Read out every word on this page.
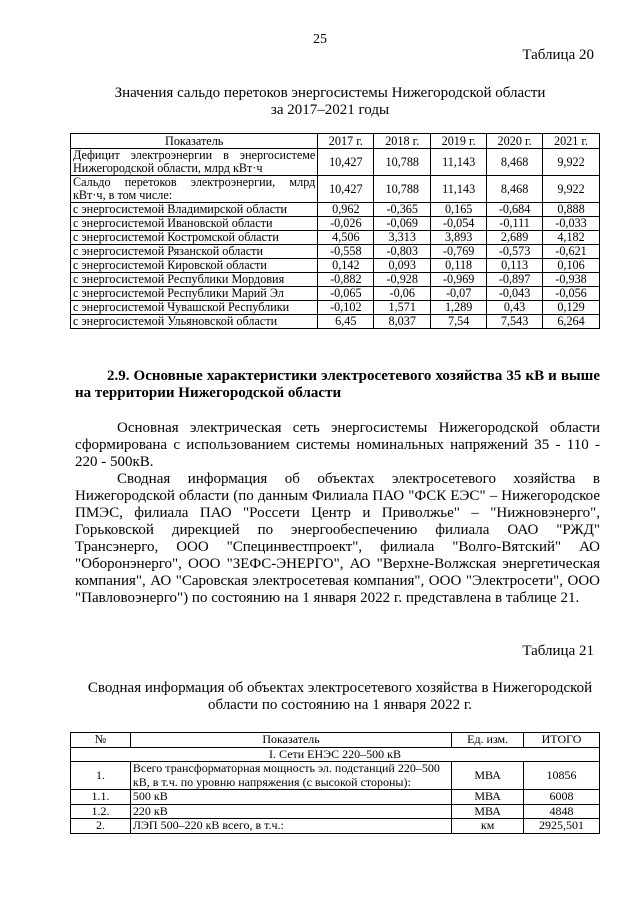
25
Таблица 20
Значения сальдо перетоков энергосистемы Нижегородской области
за 2017–2021 годы
Показатель	2017 г.	2018 г.	2019 г.	2020 г.	2021 г.
Дефицит электроэнергии в энергосистеме Нижегородской области, млрд кВт·ч	10,427	10,788	11,143	8,468	9,922
Сальдо перетоков электроэнергии, млрд кВт·ч, в том числе:	10,427	10,788	11,143	8,468	9,922
с энергосистемой Владимирской области	0,962	-0,365	0,165	-0,684	0,888
с энергосистемой Ивановской области	-0,026	-0,069	-0,054	-0,111	-0,033
с энергосистемой Костромской области	4,506	3,313	3,893	2,689	4,182
с энергосистемой Рязанской области	-0,558	-0,803	-0,769	-0,573	-0,621
с энергосистемой Кировской области	0,142	0,093	0,118	0,113	0,106
с энергосистемой Республики Мордовия	-0,882	-0,928	-0,969	-0,897	-0,938
с энергосистемой Республики Марий Эл	-0,065	-0,06	-0,07	-0,043	-0,056
с энергосистемой Чувашской Республики	-0,102	1,571	1,289	0,43	0,129
с энергосистемой Ульяновской области	6,45	8,037	7,54	7,543	6,264
2.9. Основные характеристики электросетевого хозяйства 35 кВ и выше на территории Нижегородской области

Основная электрическая сеть энергосистемы Нижегородской области сформирована с использованием системы номинальных напряжений 35 - 110 - 220 - 500кВ.

Сводная информация об объектах электросетевого хозяйства в Нижегородской области (по данным Филиала ПАО "ФСК ЕЭС" – Нижегородское ПМЭС, филиала ПАО "Россети Центр и Приволжье" – "Нижновэнерго", Горьковской дирекцией по энергообеспечению филиала ОАО "РЖД" Трансэнерго, ООО "Специнвестпроект", филиала "Волго-Вятский" АО "Оборонэнерго", ООО "ЗЕФС-ЭНЕРГО", АО "Верхне-Волжская энергетическая компания", АО "Саровская электросетевая компания", ООО "Электросети", ООО "Павловоэнерго") по состоянию на 1 января 2022 г. представлена в таблице 21.

Таблица 21
Сводная информация об объектах электросетевого хозяйства в Нижегородской
области по состоянию на 1 января 2022 г.
№	Показатель	Ед. изм.	ИТОГО
I. Сети ЕНЭС 220–500 кВ			
1.	Всего трансформаторная мощность эл. подстанций 220–500 кВ, в т.ч. по уровню напряжения (с высокой стороны):	МВА	10856
1.1.	500 кВ	МВА	6008
1.2.	220 кВ	МВА	4848
2.	ЛЭП 500–220 кВ всего, в т.ч.:	км	2925,501
